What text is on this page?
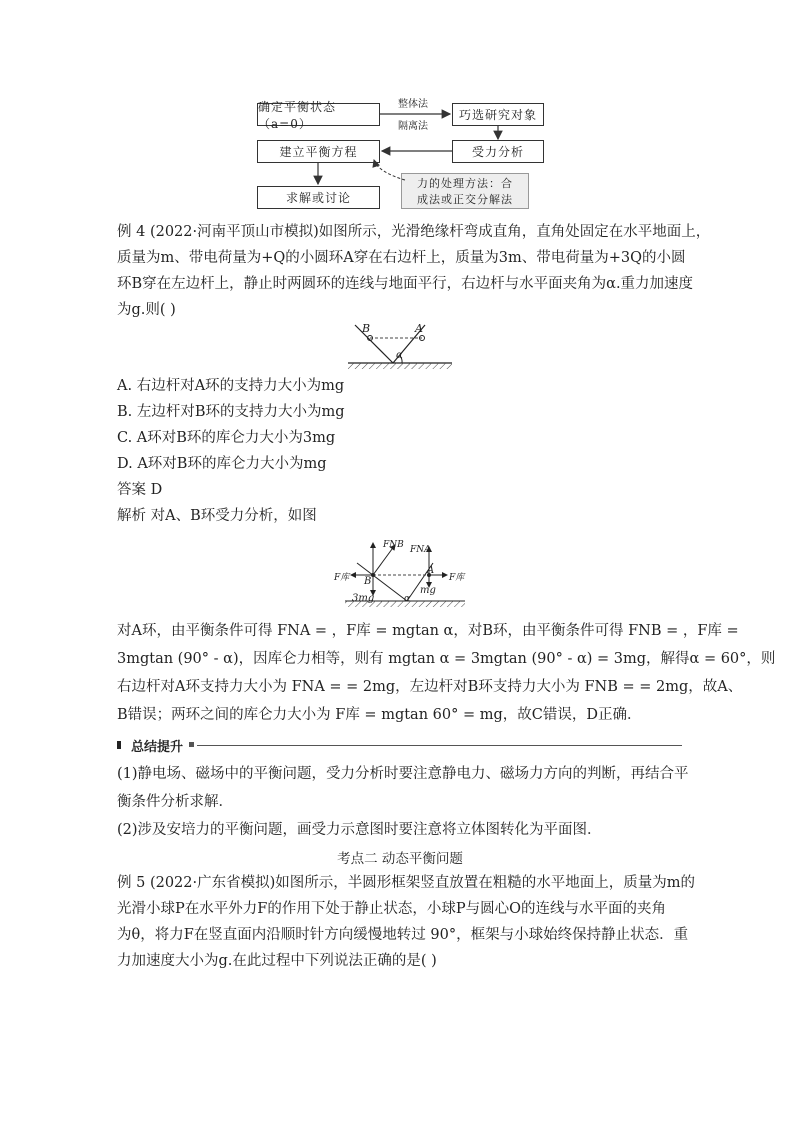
确定平衡状态（a=0）
巧选研究对象
建立平衡方程	受力分析
求解或讨论
力的处理方法：合
成法或正交分解法
整体法
隔离法
例 4 (2022·河南平顶山市模拟)如图所示，光滑绝缘杆弯成直角，直角处固定在水平地面上，
质量为m、带电荷量为+Q的小圆环A穿在右边杆上，质量为3m、带电荷量为+3Q的小圆
环B穿在左边杆上，静止时两圆环的连线与地面平行，右边杆与水平面夹角为α.重力加速度
为g.则( )
B	A
α
A. 右边杆对A环的支持力大小为mg
B. 左边杆对B环的支持力大小为mg
C. A环对B环的库仑力大小为3mg
D. A环对B环的库仑力大小为mg
答案 D
解析 对A、B环受力分析，如图
FNB FNA
F库	F库
B
A
mg
3mg	α
对A环，由平衡条件可得 FNA = ，F库 = mgtan α，对B环，由平衡条件可得 FNB = ，F库 =
3mgtan (90° - α)，因库仑力相等，则有 mgtan α = 3mgtan (90° - α) = 3mg，解得α = 60°，则
右边杆对A环支持力大小为 FNA = = 2mg，左边杆对B环支持力大小为 FNB = = 2mg，故A、
B错误；两环之间的库仑力大小为 F库 = mgtan 60° = mg，故C错误，D正确．
总结提升
(1)静电场、磁场中的平衡问题，受力分析时要注意静电力、磁场力方向的判断，再结合平
衡条件分析求解．
(2)涉及安培力的平衡问题，画受力示意图时要注意将立体图转化为平面图．
考点二 动态平衡问题
例 5 (2022·广东省模拟)如图所示，半圆形框架竖直放置在粗糙的水平地面上，质量为m的
光滑小球P在水平外力F的作用下处于静止状态，小球P与圆心O的连线与水平面的夹角
为θ，将力F在竖直面内沿顺时针方向缓慢地转过 90°，框架与小球始终保持静止状态．重
力加速度大小为g.在此过程中下列说法正确的是( )
